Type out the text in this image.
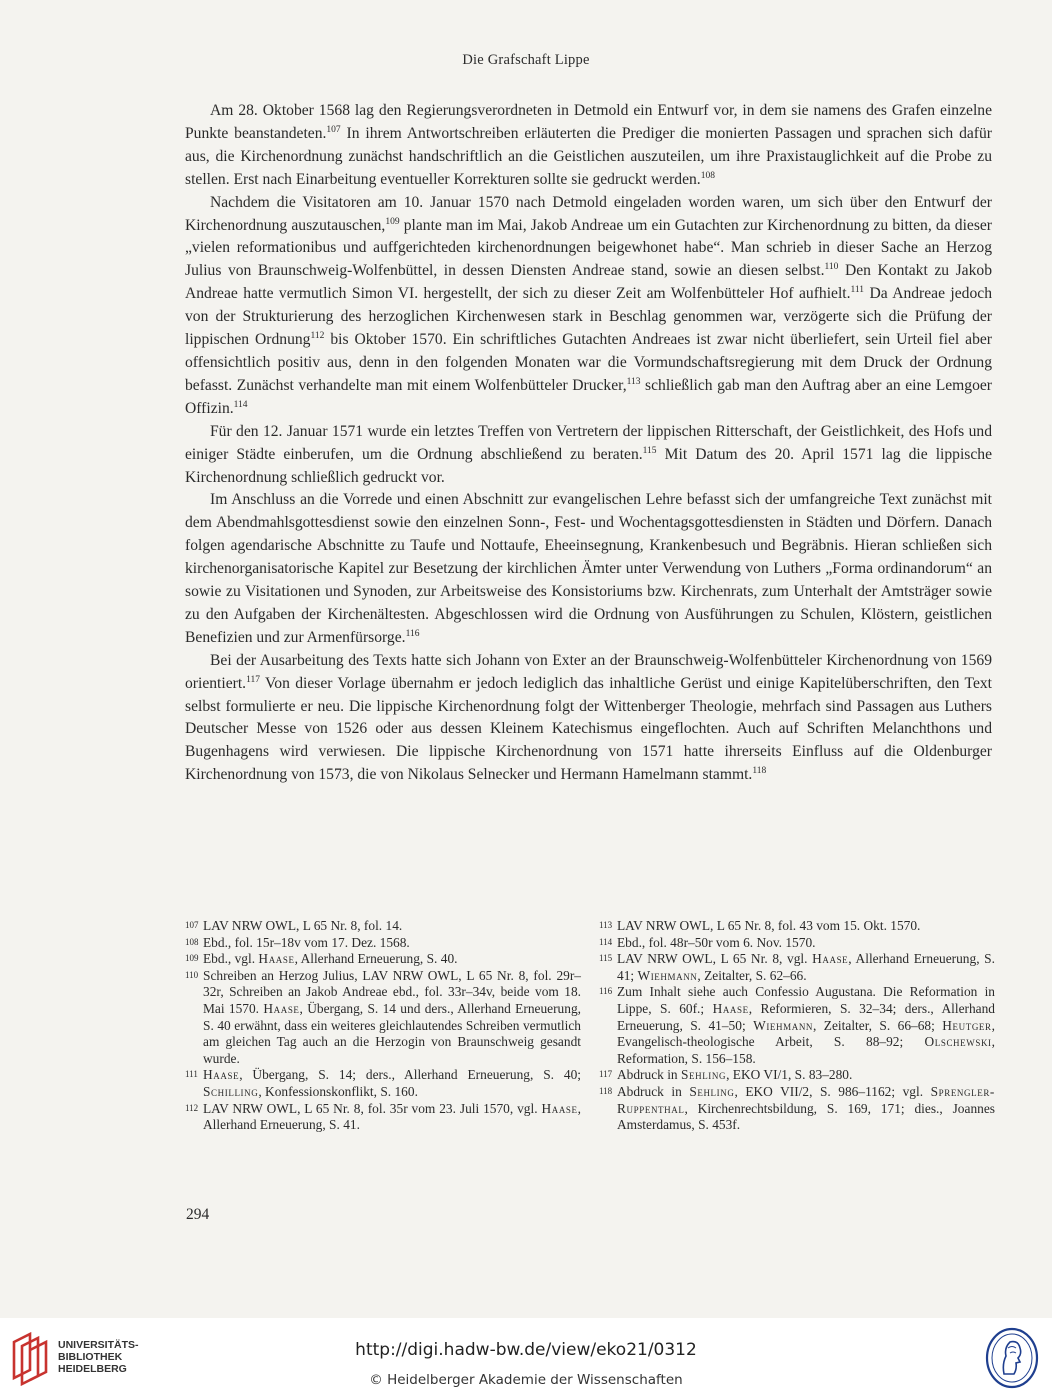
Die Grafschaft Lippe

Am 28. Oktober 1568 lag den Regierungsverordneten in Detmold ein Entwurf vor, in dem sie namens des Grafen einzelne Punkte beanstandeten.$^{107}$ In ihrem Antwortschreiben erläuterten die Prediger die monierten Passagen und sprachen sich dafür aus, die Kirchenordnung zunächst handschriftlich an die Geistlichen auszuteilen, um ihre Praxistauglichkeit auf die Probe zu stellen. Erst nach Einarbeitung eventueller Korrekturen sollte sie gedruckt werden.$^{108}$

Nachdem die Visitatoren am 10. Januar 1570 nach Detmold eingeladen worden waren, um sich über den Entwurf der Kirchenordnung auszutauschen,$^{109}$ plante man im Mai, Jakob Andreae um ein Gutachten zur Kirchenordnung zu bitten, da dieser „vielen reformationibus und auffgerichteden kirchenordnungen beigewhonet habe“. Man schrieb in dieser Sache an Herzog Julius von Braunschweig-Wolfenbüttel, in dessen Diensten Andreae stand, sowie an diesen selbst.$^{110}$ Den Kontakt zu Jakob Andreae hatte vermutlich Simon VI. hergestellt, der sich zu dieser Zeit am Wolfenbütteler Hof aufhielt.$^{111}$ Da Andreae jedoch von der Strukturierung des herzoglichen Kirchenwesen stark in Beschlag genommen war, verzögerte sich die Prüfung der lippischen Ordnung$^{112}$ bis Oktober 1570. Ein schriftliches Gutachten Andreaes ist zwar nicht überliefert, sein Urteil fiel aber offensichtlich positiv aus, denn in den folgenden Monaten war die Vormundschaftsregierung mit dem Druck der Ordnung befasst. Zunächst verhandelte man mit einem Wolfenbütteler Drucker,$^{113}$ schließlich gab man den Auftrag aber an eine Lemgoer Offizin.$^{114}$

Für den 12. Januar 1571 wurde ein letztes Treffen von Vertretern der lippischen Ritterschaft, der Geistlichkeit, des Hofs und einiger Städte einberufen, um die Ordnung abschließend zu beraten.$^{115}$ Mit Datum des 20. April 1571 lag die lippische Kirchenordnung schließlich gedruckt vor.

Im Anschluss an die Vorrede und einen Abschnitt zur evangelischen Lehre befasst sich der umfangreiche Text zunächst mit dem Abendmahlsgottesdienst sowie den einzelnen Sonn-, Fest- und Wochentagsgottesdiensten in Städten und Dörfern. Danach folgen agendarische Abschnitte zu Taufe und Nottaufe, Eheeinsegnung, Krankenbesuch und Begräbnis. Hieran schließen sich kirchenorganisatorische Kapitel zur Besetzung der kirchlichen Ämter unter Verwendung von Luthers „Forma ordinandorum“ an sowie zu Visitationen und Synoden, zur Arbeitsweise des Konsistoriums bzw. Kirchenrats, zum Unterhalt der Amtsträger sowie zu den Aufgaben der Kirchenältesten. Abgeschlossen wird die Ordnung von Ausführungen zu Schulen, Klöstern, geistlichen Benefizien und zur Armenfürsorge.$^{116}$

Bei der Ausarbeitung des Texts hatte sich Johann von Exter an der Braunschweig-Wolfenbütteler Kirchenordnung von 1569 orientiert.$^{117}$ Von dieser Vorlage übernahm er jedoch lediglich das inhaltliche Gerüst und einige Kapitelüberschriften, den Text selbst formulierte er neu. Die lippische Kirchenordnung folgt der Wittenberger Theologie, mehrfach sind Passagen aus Luthers Deutscher Messe von 1526 oder aus dessen Kleinem Katechismus eingeflochten. Auch auf Schriften Melanchthons und Bugenhagens wird verwiesen. Die lippische Kirchenordnung von 1571 hatte ihrerseits Einfluss auf die Oldenburger Kirchenordnung von 1573, die von Nikolaus Selnecker und Hermann Hamelmann stammt.$^{118}$

107 LAV NRW OWL, L 65 Nr. 8, fol. 14.
108 Ebd., fol. 15r–18v vom 17. Dez. 1568.
109 Ebd., vgl. Haase, Allerhand Erneuerung, S. 40.
110 Schreiben an Herzog Julius, LAV NRW OWL, L 65 Nr. 8, fol. 29r–32r, Schreiben an Jakob Andreae ebd., fol. 33r–34v, beide vom 18. Mai 1570. Haase, Übergang, S. 14 und ders., Allerhand Erneuerung, S. 40 erwähnt, dass ein weiteres gleichlautendes Schreiben vermutlich am gleichen Tag auch an die Herzogin von Braunschweig gesandt wurde.
111 Haase, Übergang, S. 14; ders., Allerhand Erneuerung, S. 40; Schilling, Konfessionskonflikt, S. 160.
112 LAV NRW OWL, L 65 Nr. 8, fol. 35r vom 23. Juli 1570, vgl. Haase, Allerhand Erneuerung, S. 41.
113 LAV NRW OWL, L 65 Nr. 8, fol. 43 vom 15. Okt. 1570.
114 Ebd., fol. 48r–50r vom 6. Nov. 1570.
115 LAV NRW OWL, L 65 Nr. 8, vgl. Haase, Allerhand Erneuerung, S. 41; Wiehmann, Zeitalter, S. 62–66.
116 Zum Inhalt siehe auch Confessio Augustana. Die Reformation in Lippe, S. 60f.; Haase, Reformieren, S. 32–34; ders., Allerhand Erneuerung, S. 41–50; Wiehmann, Zeitalter, S. 66–68; Heutger, Evangelisch-theologische Arbeit, S. 88–92; Olschewski, Reformation, S. 156–158.
117 Abdruck in Sehling, EKO VI/1, S. 83–280.
118 Abdruck in Sehling, EKO VII/2, S. 986–1162; vgl. Sprengler-Ruppenthal, Kirchenrechtsbildung, S. 169, 171; dies., Joannes Amsterdamus, S. 453f.
294
UNIVERSITÄTS-
BIBLIOTHEK
HEIDELBERG
http://digi.hadw-bw.de/view/eko21/0312
© Heidelberger Akademie der Wissenschaften
